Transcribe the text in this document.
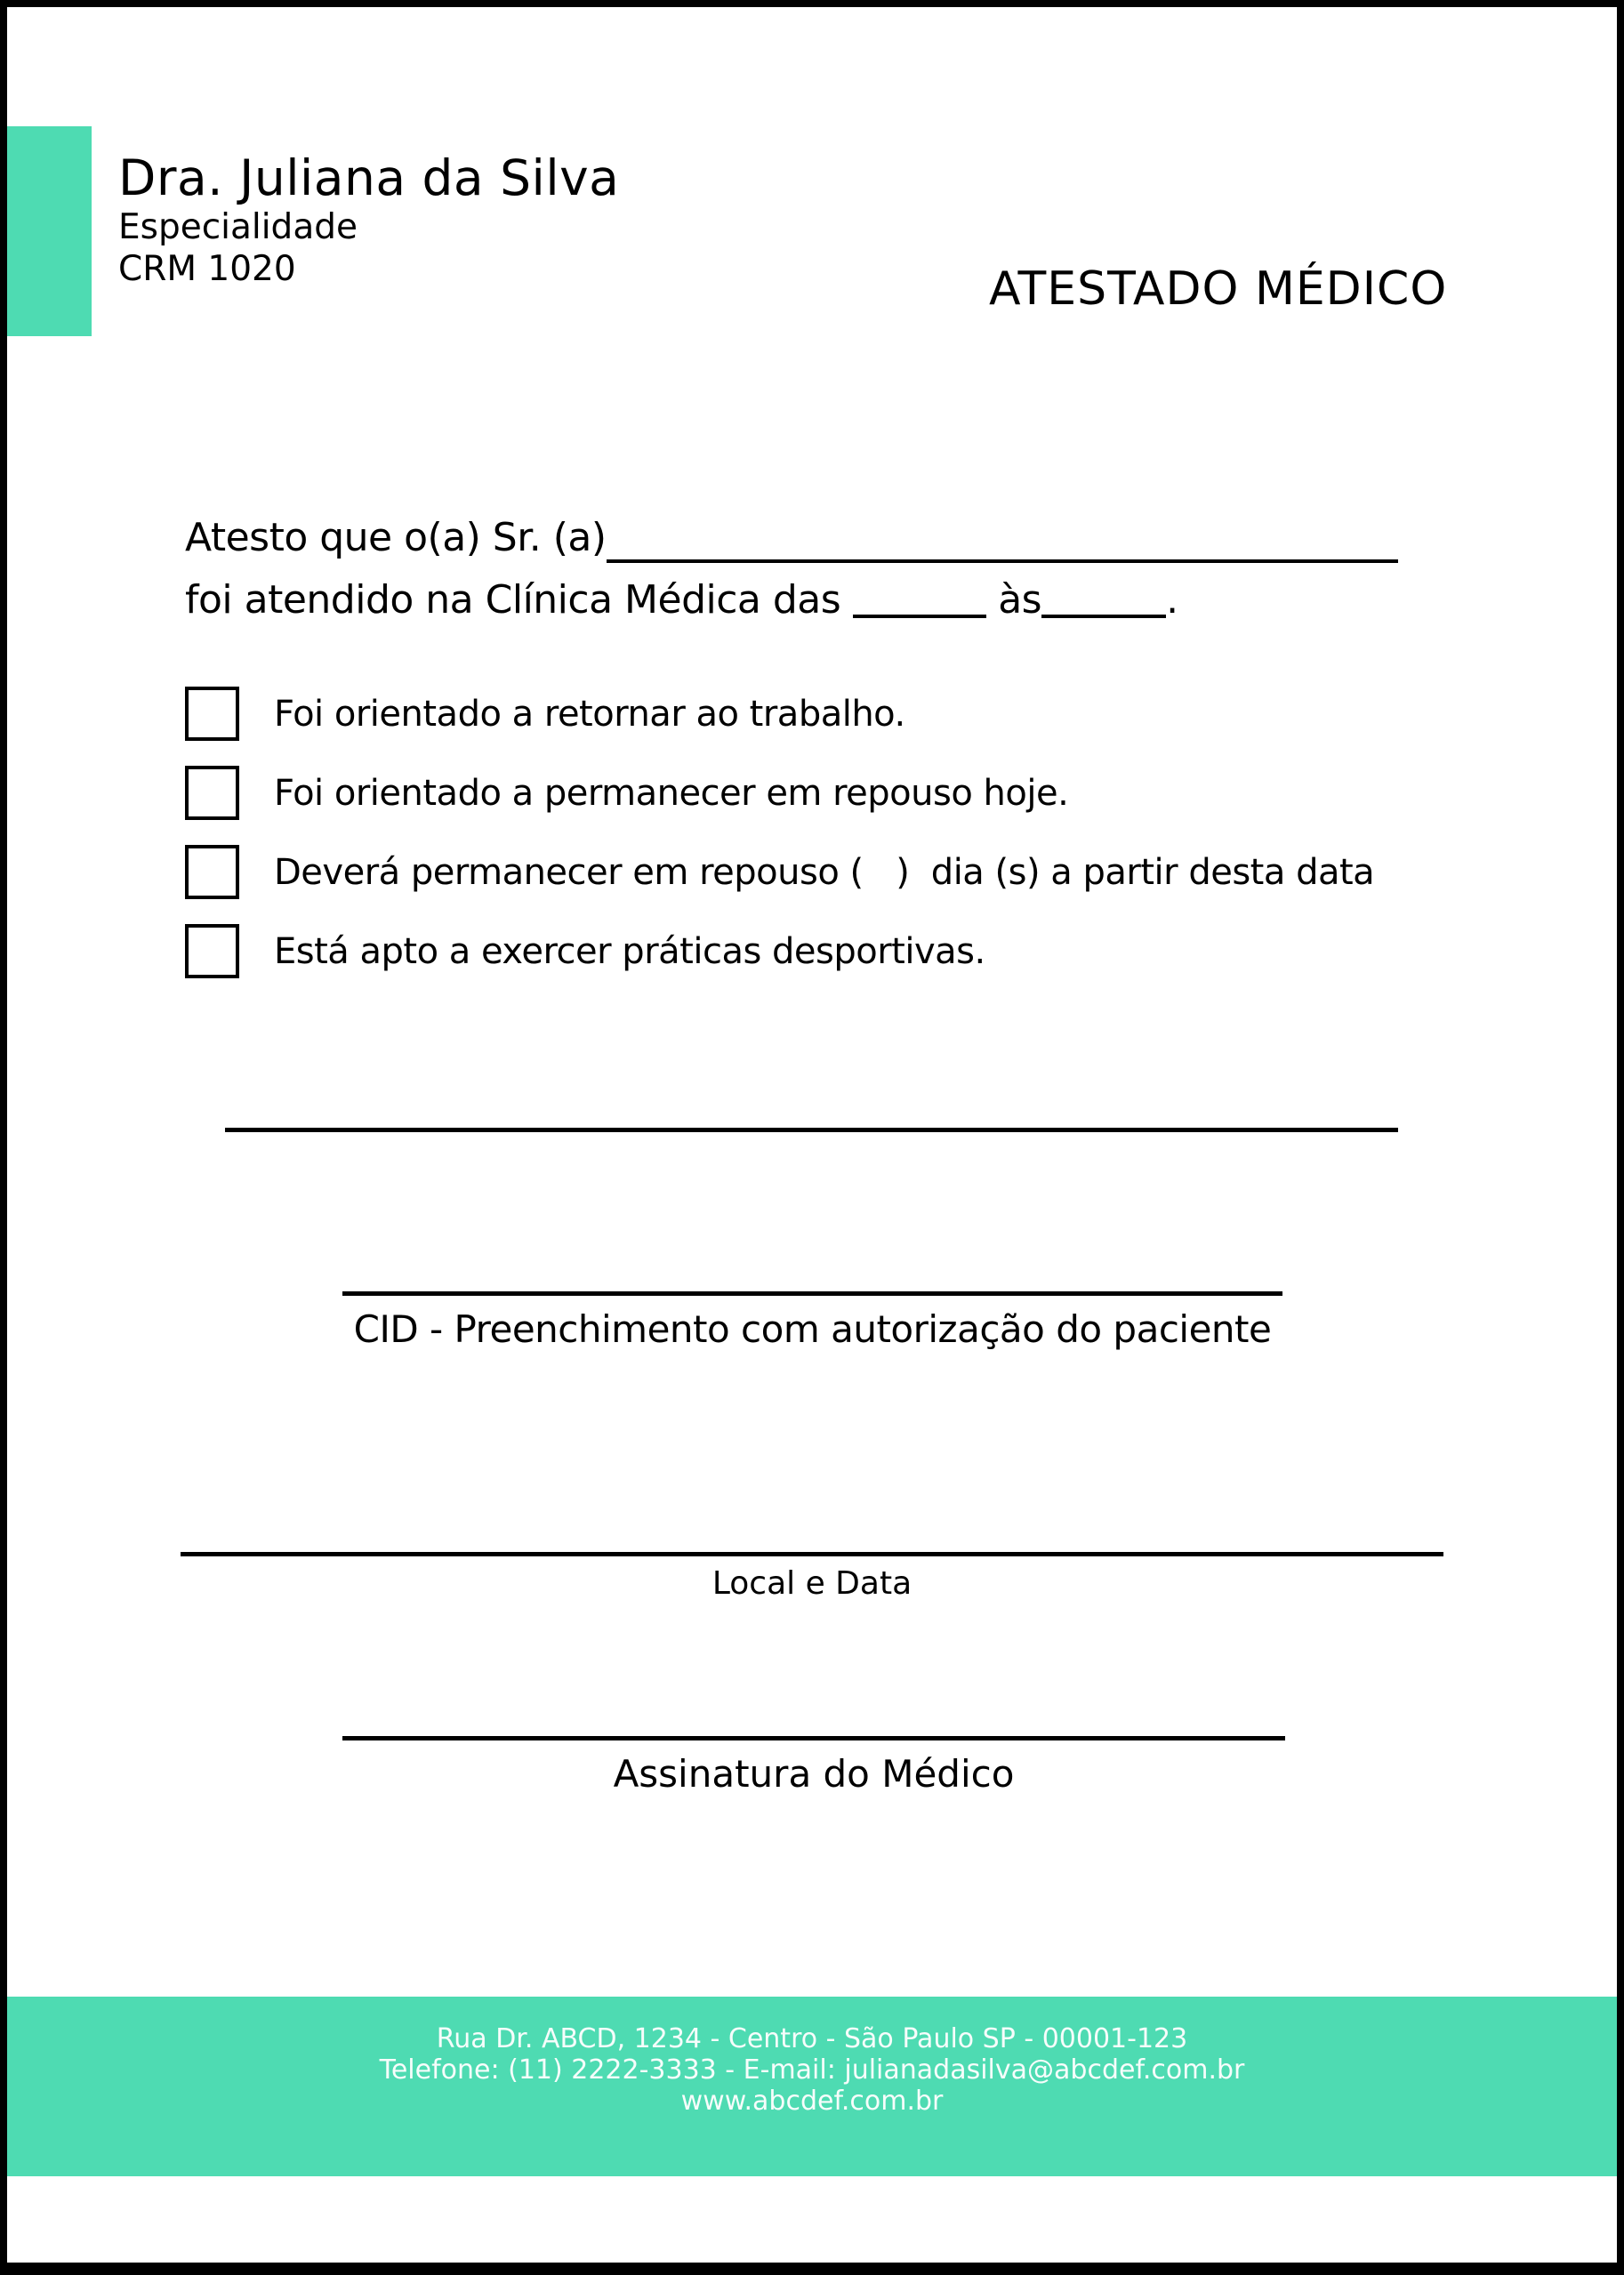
Dra. Juliana da Silva
Especialidade
CRM 1020	ATESTADO MÉDICO
Atesto que o(a) Sr. (a)
foi atendido na Clínica Médica das	às	.
Foi orientado a retornar ao trabalho.
Foi orientado a permanecer em repouso hoje.
Deverá permanecer em repouso (   )  dia (s) a partir desta data
Está apto a exercer práticas desportivas.
CID - Preenchimento com autorização do paciente
Local e Data
Assinatura do Médico
Rua Dr. ABCD, 1234 - Centro - São Paulo SP - 00001-123
Telefone: (11) 2222-3333 - E-mail: julianadasilva@abcdef.com.br
www.abcdef.com.br
